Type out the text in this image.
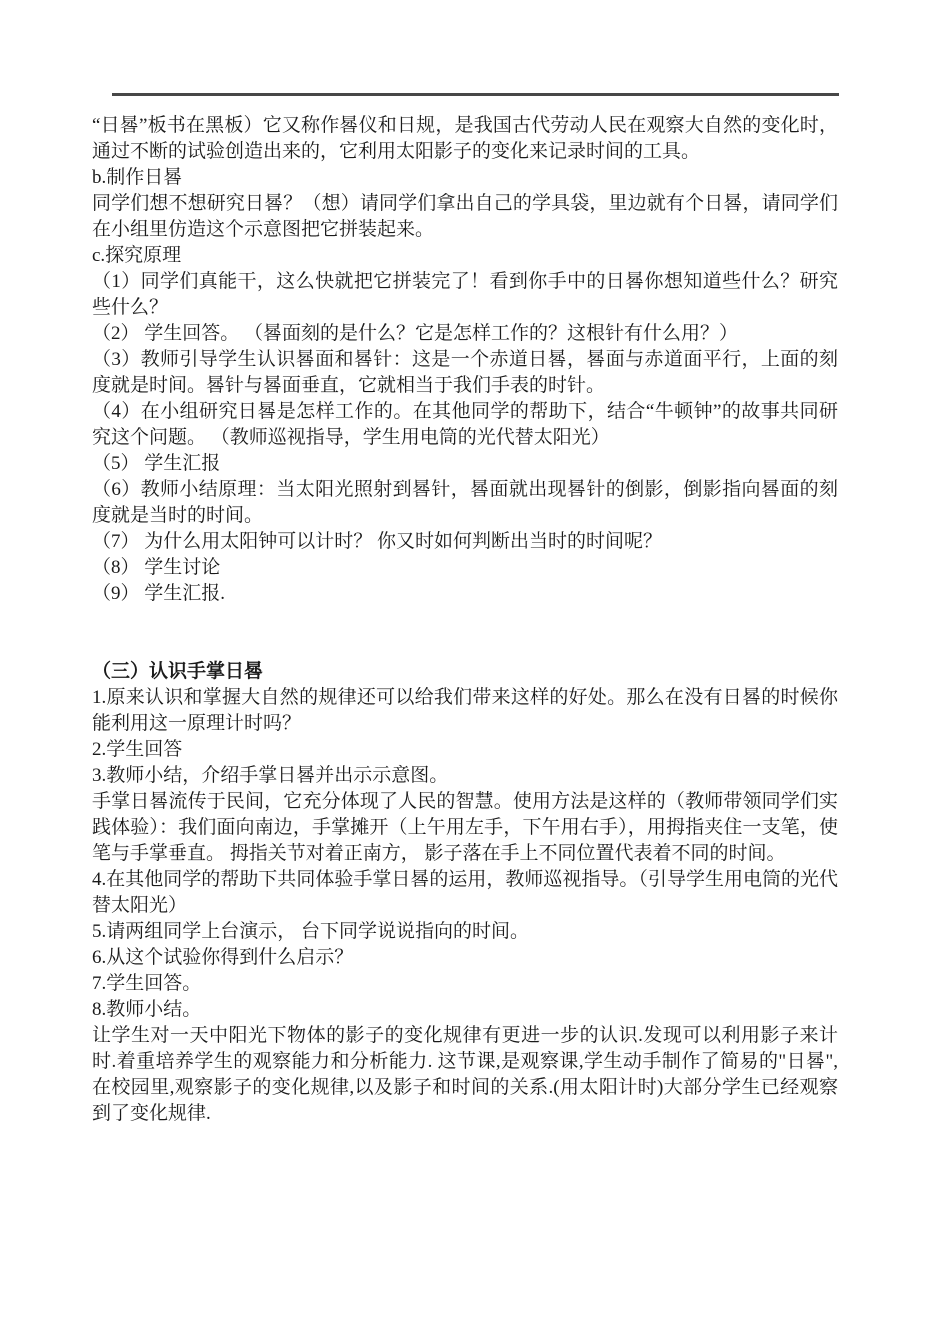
“日晷”板书在黑板）它又称作晷仪和日规，是我国古代劳动人民在观察大自然的变化时，通过不断的试验创造出来的，它利用太阳影子的变化来记录时间的工具。

b.制作日晷

同学们想不想研究日晷？（想）请同学们拿出自己的学具袋，里边就有个日晷，请同学们在小组里仿造这个示意图把它拼装起来。

c.探究原理

（1）同学们真能干，这么快就把它拼装完了！看到你手中的日晷你想知道些什么？研究些什么？

（2） 学生回答。 （晷面刻的是什么？它是怎样工作的？这根针有什么用？）

（3）教师引导学生认识晷面和晷针：这是一个赤道日晷，晷面与赤道面平行，上面的刻度就是时间。晷针与晷面垂直，它就相当于我们手表的时针。

（4）在小组研究日晷是怎样工作的。在其他同学的帮助下，结合“牛顿钟”的故事共同研究这个问题。 （教师巡视指导，学生用电筒的光代替太阳光）

（5） 学生汇报

（6）教师小结原理：当太阳光照射到晷针，晷面就出现晷针的倒影，倒影指向晷面的刻度就是当时的时间。

（7） 为什么用太阳钟可以计时？ 你又时如何判断出当时的时间呢？

（8） 学生讨论

（9） 学生汇报.

（三）认识手掌日晷

1.原来认识和掌握大自然的规律还可以给我们带来这样的好处。那么在没有日晷的时候你能利用这一原理计时吗？

2.学生回答

3.教师小结，介绍手掌日晷并出示示意图。

手掌日晷流传于民间，它充分体现了人民的智慧。使用方法是这样的（教师带领同学们实践体验）：我们面向南边，手掌摊开（上午用左手，下午用右手），用拇指夹住一支笔，使笔与手掌垂直。 拇指关节对着正南方， 影子落在手上不同位置代表着不同的时间。

4.在其他同学的帮助下共同体验手掌日晷的运用，教师巡视指导。（引导学生用电筒的光代替太阳光）

5.请两组同学上台演示， 台下同学说说指向的时间。

6.从这个试验你得到什么启示？

7.学生回答。

8.教师小结。

让学生对一天中阳光下物体的影子的变化规律有更进一步的认识.发现可以利用影子来计时.着重培养学生的观察能力和分析能力. 这节课,是观察课,学生动手制作了简易的"日晷",在校园里,观察影子的变化规律,以及影子和时间的关系.(用太阳计时)大部分学生已经观察到了变化规律.
